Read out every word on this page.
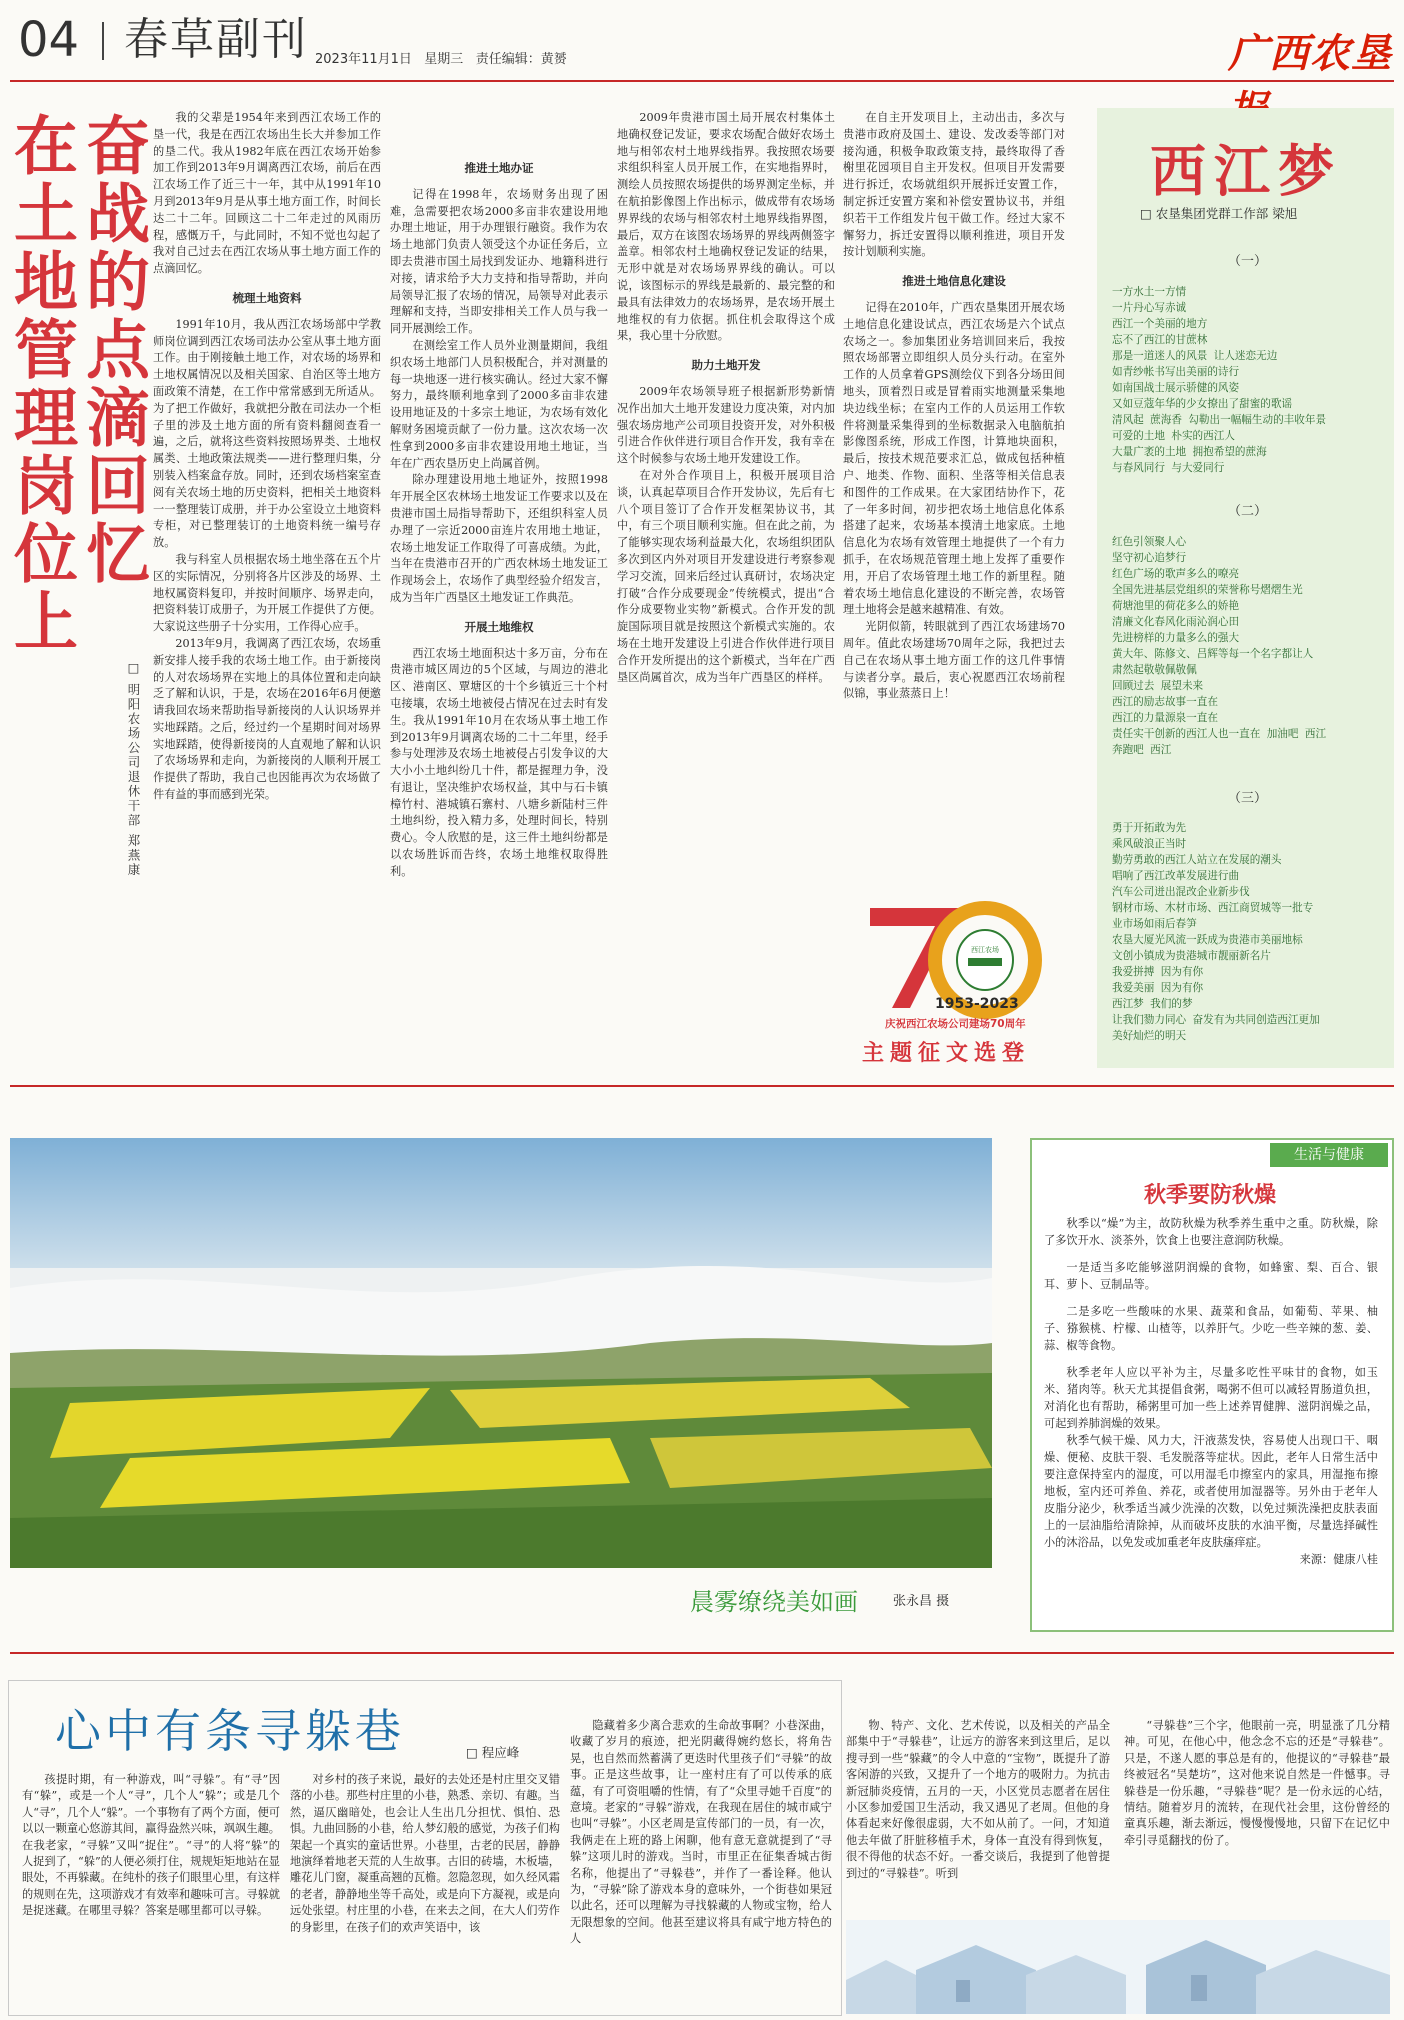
04 春草副刊 2023年11月1日   星期三   责任编辑：黄赟	广西农垦
奋战的点滴回忆
在土地管理岗位上
□ 明阳农场公司退休干部 郑燕康

我的父辈是1954年来到西江农场工作的垦一代，我是在西江农场出生长大并参加工作的垦二代。我从1982年底在西江农场开始参加工作到2013年9月调离西江农场，前后在西江农场工作了近三十一年，其中从1991年10月到2013年9月是从事土地方面工作，时间长达二十二年。回顾这二十二年走过的风雨历程，感慨万千，与此同时，不知不觉也勾起了我对自己过去在西江农场从事土地方面工作的点滴回忆。

梳理土地资料

1991年10月，我从西江农场场部中学教师岗位调到西江农场司法办公室从事土地方面工作。由于刚接触土地工作，对农场的场界和土地权属情况以及相关国家、自治区等土地方面政策不清楚，在工作中常常感到无所适从。为了把工作做好，我就把分散在司法办一个柜子里的涉及土地方面的所有资料翻阅查看一遍，之后，就将这些资料按照场界类、土地权属类、土地政策法规类——进行整理归集，分别装入档案盒存放。同时，还到农场档案室查阅有关农场土地的历史资料，把相关土地资料一一整理装订成册，并于办公室设立土地资料专柜，对已整理装订的土地资料统一编号存放。

我与科室人员根据农场土地坐落在五个片区的实际情况，分别将各片区涉及的场界、土地权属资料复印，并按时间顺序、场界走向，把资料装订成册子，为开展工作提供了方便。大家说这些册子十分实用，工作得心应手。

2013年9月，我调离了西江农场，农场重新安排人接手我的农场土地工作。由于新接岗的人对农场场界在实地上的具体位置和走向缺乏了解和认识，于是，农场在2016年6月便邀请我回农场来帮助指导新接岗的人认识场界并实地踩踏。之后，经过约一个星期时间对场界实地踩踏，使得新接岗的人直观地了解和认识了农场场界和走向，为新接岗的人顺利开展工作提供了帮助，我自己也因能再次为农场做了件有益的事而感到光荣。

推进土地办证

记得在1998年，农场财务出现了困难，急需要把农场2000多亩非农建设用地办理土地证，用于办理银行融资。我作为农场土地部门负责人领受这个办证任务后，立即去贵港市国土局找到发证办、地籍科进行对接，请求给予大力支持和指导帮助，并向局领导汇报了农场的情况，局领导对此表示理解和支持，当即安排相关工作人员与我一同开展测绘工作。

在测绘室工作人员外业测量期间，我组织农场土地部门人员积极配合，并对测量的每一块地逐一进行核实确认。经过大家不懈努力，最终顺利地拿到了2000多亩非农建设用地证及的十多宗土地证，为农场有效化解财务困境贡献了一份力量。这次农场一次性拿到2000多亩非农建设用地土地证，当年在广西农垦历史上尚属首例。

除办理建设用地土地证外，按照1998年开展全区农林场土地发证工作要求以及在贵港市国土局指导帮助下，还组织科室人员办理了一宗近2000亩连片农用地土地证，农场土地发证工作取得了可喜成绩。为此，当年在贵港市召开的广西农林场土地发证工作现场会上，农场作了典型经验介绍发言，成为当年广西垦区土地发证工作典范。

开展土地维权

西江农场土地面积达十多万亩，分布在贵港市城区周边的5个区域，与周边的港北区、港南区、覃塘区的十个乡镇近三十个村屯接壤，农场土地被侵占情况在过去时有发生。我从1991年10月在农场从事土地工作到2013年9月调离农场的二十二年里，经手参与处理涉及农场土地被侵占引发争议的大大小小土地纠纷几十件，都是握理力争，没有退让，坚决维护农场权益，其中与石卡镇樟竹村、港城镇石寨村、八塘乡新陆村三件土地纠纷，投入精力多，处理时间长，特别费心。令人欣慰的是，这三件土地纠纷都是以农场胜诉而告终，农场土地维权取得胜利。

2009年贵港市国土局开展农村集体土地确权登记发证，要求农场配合做好农场土地与相邻农村土地界线指界。我按照农场要求组织科室人员开展工作，在实地指界时，测绘人员按照农场提供的场界测定坐标，并在航拍影像图上作出标示，做成带有农场场界界线的农场与相邻农村土地界线指界图，最后，双方在该图农场场界的界线两侧签字盖章。相邻农村土地确权登记发证的结果，无形中就是对农场场界界线的确认。可以说，该图标示的界线是最新的、最完整的和最具有法律效力的农场场界，是农场开展土地维权的有力依据。抓住机会取得这个成果，我心里十分欣慰。

助力土地开发

2009年农场领导班子根据新形势新情况作出加大土地开发建设力度决策，对内加强农场房地产公司项目投资开发，对外积极引进合作伙伴进行项目合作开发，我有幸在这个时候参与农场土地开发建设工作。

在对外合作项目上，积极开展项目洽谈，认真起草项目合作开发协议，先后有七八个项目签订了合作开发框架协议书，其中，有三个项目顺利实施。但在此之前，为了能够实现农场利益最大化，农场组织团队多次到区内外对项目开发建设进行考察参观学习交流，回来后经过认真研讨，农场决定打破“合作分成要现金”传统模式，提出“合作分成要物业实物”新模式。合作开发的凯旋国际项目就是按照这个新模式实施的。农场在土地开发建设上引进合作伙伴进行项目合作开发所提出的这个新模式，当年在广西垦区尚属首次，成为当年广西垦区的样样。

在自主开发项目上，主动出击，多次与贵港市政府及国土、建设、发改委等部门对接沟通，积极争取政策支持，最终取得了香榭里花园项目自主开发权。但项目开发需要进行拆迁，农场就组织开展拆迁安置工作，制定拆迁安置方案和补偿安置协议书，并组织若干工作组发片包干做工作。经过大家不懈努力，拆迁安置得以顺利推进，项目开发按计划顺利实施。

推进土地信息化建设

记得在2010年，广西农垦集团开展农场土地信息化建设试点，西江农场是六个试点农场之一。参加集团业务培训回来后，我按照农场部署立即组织人员分头行动。在室外工作的人员拿着GPS测绘仪下到各分场田间地头，顶着烈日或是冒着雨实地测量采集地块边线坐标；在室内工作的人员运用工作软件将测量采集得到的坐标数据录入电脑航拍影像图系统，形成工作图，计算地块面积，最后，按技术规范要求汇总，做成包括种植户、地类、作物、面积、坐落等相关信息表和图件的工作成果。在大家团结协作下，花了一年多时间，初步把农场土地信息化体系搭建了起来，农场基本摸清土地家底。土地信息化为农场有效管理土地提供了一个有力抓手，在农场规范管理土地上发挥了重要作用，开启了农场管理土地工作的新里程。随着农场土地信息化建设的不断完善，农场管理土地将会是越来越精准、有效。

光阴似箭，转眼就到了西江农场建场70周年。值此农场建场70周年之际，我把过去自己在农场从事土地方面工作的这几件事情与读者分享。最后，衷心祝愿西江农场前程似锦，事业蒸蒸日上！

西江农场
1953-2023
庆祝西江农场公司建场70周年
主题征文选登
西江梦
□ 农垦集团党群工作部 梁旭
（一）
一方水土一方情
一片丹心写赤诚
西江一个美丽的地方
忘不了西江的甘蔗林
那是一道迷人的风景 让人迷恋无边
如青纱帐书写出美丽的诗行
如南国战士展示骄健的风姿
又如豆蔻年华的少女撩出了甜蜜的歌谣
清风起 蔗海香 勾勒出一幅幅生动的丰收年景
可爱的土地 朴实的西江人
大量广袤的土地 拥抱希望的蔗海
与春风同行 与大爱同行
（二）
红色引领聚人心
坚守初心追梦行
红色广场的歌声多么的嘹亮
全国先进基层党组织的荣誉称号熠熠生光
荷塘池里的荷花多么的娇艳
清廉文化春风化雨沁润心田
先进榜样的力量多么的强大
黄大年、陈修文、吕辉等每一个名字都让人
肃然起敬敬佩敬佩
回顾过去 展望未来
西江的励志故事一直在
西江的力量源泉一直在
责任实干创新的西江人也一直在 加油吧 西江
奔跑吧 西江
（三）
勇于开拓敢为先
乘风破浪正当时
勤劳勇敢的西江人站立在发展的潮头
唱响了西江改革发展进行曲
汽车公司迸出混改企业新步伐
钢材市场、木材市场、西江商贸城等一批专
业市场如雨后春笋
农垦大厦光风流一跃成为贵港市美丽地标
文创小镇成为贵港城市靓丽新名片
我爱拼搏 因为有你
我爱美丽 因为有你
西江梦 我们的梦
让我们勠力同心 奋发有为共同创造西江更加
美好灿烂的明天
晨雾缭绕美如画	张永昌 摄
生活与健康
秋季要防秋燥

秋季以“燥”为主，故防秋燥为秋季养生重中之重。防秋燥，除了多饮开水、淡茶外，饮食上也要注意润防秋燥。

一是适当多吃能够滋阴润燥的食物，如蜂蜜、梨、百合、银耳、萝卜、豆制品等。

二是多吃一些酸味的水果、蔬菜和食品，如葡萄、苹果、柚子、猕猴桃、柠檬、山楂等，以养肝气。少吃一些辛辣的葱、姜、蒜、椒等食物。

秋季老年人应以平补为主，尽量多吃性平味甘的食物，如玉米、猪肉等。秋天尤其提倡食粥，喝粥不但可以减轻胃肠道负担，对消化也有帮助，稀粥里可加一些上述养胃健脾、滋阴润燥之品，可起到养肺润燥的效果。

秋季气候干燥、风力大，汗液蒸发快，容易使人出现口干、咽燥、便秘、皮肤干裂、毛发脱落等症状。因此，老年人日常生活中要注意保持室内的湿度，可以用湿毛巾擦室内的家具，用湿拖布擦地板，室内还可养鱼、养花，或者使用加湿器等。另外由于老年人皮脂分泌少，秋季适当减少洗澡的次数，以免过频洗澡把皮肤表面上的一层油脂给清除掉，从而破坏皮肤的水油平衡，尽量选择碱性小的沐浴品，以免发或加重老年皮肤瘙痒症。

来源：健康八桂

心中有条寻躲巷	□ 程应峰

孩提时期，有一种游戏，叫“寻躲”。有“寻”因有“躲”，或是一个人“寻”，几个人“躲”；或是几个人“寻”，几个人“躲”。一个事物有了两个方面，便可以以一颗童心悠游其间，赢得盎然兴味，飒飒生趣。在我老家，“寻躲”又叫“捉住”。“寻”的人将“躲”的人捉到了，“躲”的人便必须打住，规规矩矩地站在显眼处，不再躲藏。在纯朴的孩子们眼里心里，有这样的规则在先，这项游戏才有效率和趣味可言。寻躲就是捉迷藏。在哪里寻躲？答案是哪里都可以寻躲。

对乡村的孩子来说，最好的去处还是村庄里交叉错落的小巷。那些村庄里的小巷，熟悉、亲切、有趣。当然，逼仄幽暗处，也会让人生出几分担忧、惧怕、恐惧。九曲回肠的小巷，给人梦幻般的感觉，为孩子们构架起一个真实的童话世界。小巷里，古老的民居，静静地演绎着地老天荒的人生故事。古旧的砖墙，木板墙，雕花儿门窗，凝重高翘的瓦檐。忽隐忽现，如久经风霜的老者，静静地坐等千高处，或是向下方凝视，或是向远处张望。村庄里的小巷，在来去之间，在大人们劳作的身影里，在孩子们的欢声笑语中，该

隐藏着多少离合悲欢的生命故事啊？小巷深曲，收藏了岁月的痕迹，把光阴藏得婉约悠长，将角告晃，也自然而然蓄满了更迭时代里孩子们“寻躲”的故事。正是这些故事，让一座村庄有了可以传承的底蕴，有了可资咀嚼的性情，有了“众里寻她千百度”的意境。老家的“寻躲”游戏，在我现在居住的城市咸宁也叫“寻躲”。小区老周是宣传部门的一员，有一次，我俩走在上班的路上闲聊，他有意无意就提到了“寻躲”这项儿时的游戏。当时，市里正在征集香城古街名称，他提出了“寻躲巷”，并作了一番诠释。他认为，“寻躲”除了游戏本身的意味外，一个街巷如果冠以此名，还可以理解为寻找躲藏的人物或宝物，给人无限想象的空间。他甚至建议将具有咸宁地方特色的人

物、特产、文化、艺术传说，以及相关的产品全部集中于“寻躲巷”，让远方的游客来到这里后，足以搜寻到一些“躲藏”的令人中意的“宝物”，既提升了游客闲游的兴致，又提升了一个地方的吸附力。为抗击新冠肺炎疫情，五月的一天，小区党员志愿者在居住小区参加爱国卫生活动，我又遇见了老周。但他的身体看起来好像很虚弱，大不如从前了。一问，才知道他去年做了肝脏移植手术，身体一直没有得到恢复，很不得他的状态不好。一番交谈后，我提到了他曾提到过的“寻躲巷”。听到

“寻躲巷”三个字，他眼前一亮，明显涨了几分精神。可见，在他心中，他念念不忘的还是“寻躲巷”。只是，不遂人愿的事总是有的，他提议的“寻躲巷”最终被冠名“吴楚坊”，这对他来说自然是一件憾事。寻躲巷是一份乐趣，“寻躲巷”呢？是一份永远的心结，情结。随着岁月的流转，在现代社会里，这份曾经的童真乐趣，渐去渐远，慢慢慢慢地，只留下在记忆中牵引寻觅翻找的份了。
